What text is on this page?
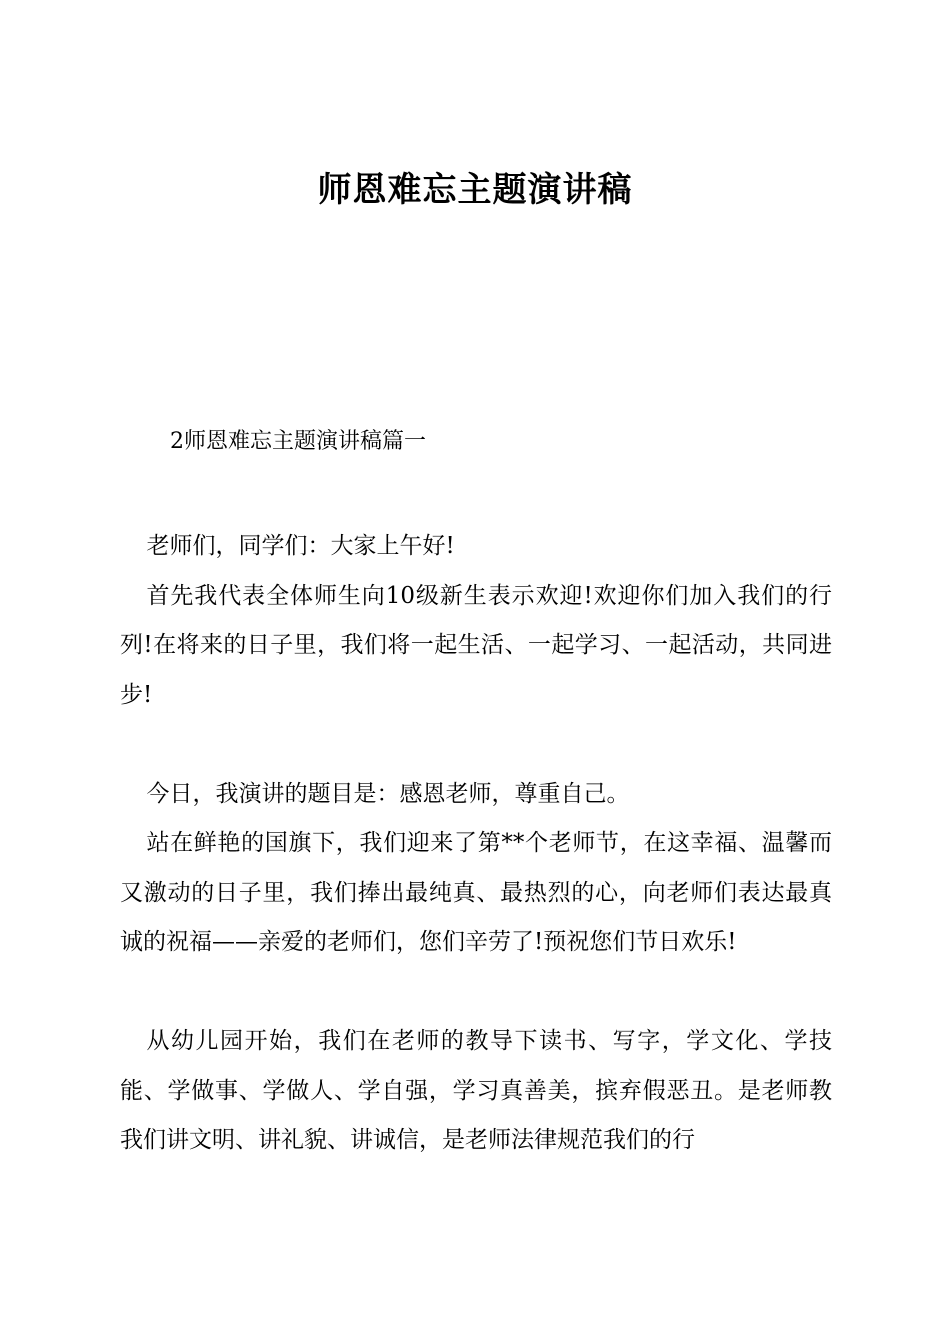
师恩难忘主题演讲稿
2师恩难忘主题演讲稿篇一

老师们，同学们：大家上午好!

首先我代表全体师生向10级新生表示欢迎!欢迎你们加入我们的行列!在将来的日子里，我们将一起生活、一起学习、一起活动，共同进步!

今日，我演讲的题目是：感恩老师，尊重自己。

站在鲜艳的国旗下，我们迎来了第**个老师节，在这幸福、温馨而又激动的日子里，我们捧出最纯真、最热烈的心，向老师们表达最真诚的祝福——亲爱的老师们，您们辛劳了!预祝您们节日欢乐!

从幼儿园开始，我们在老师的教导下读书、写字，学文化、学技能、学做事、学做人、学自强，学习真善美，摈弃假恶丑。是老师教我们讲文明、讲礼貌、讲诚信，是老师法律规范我们的行
